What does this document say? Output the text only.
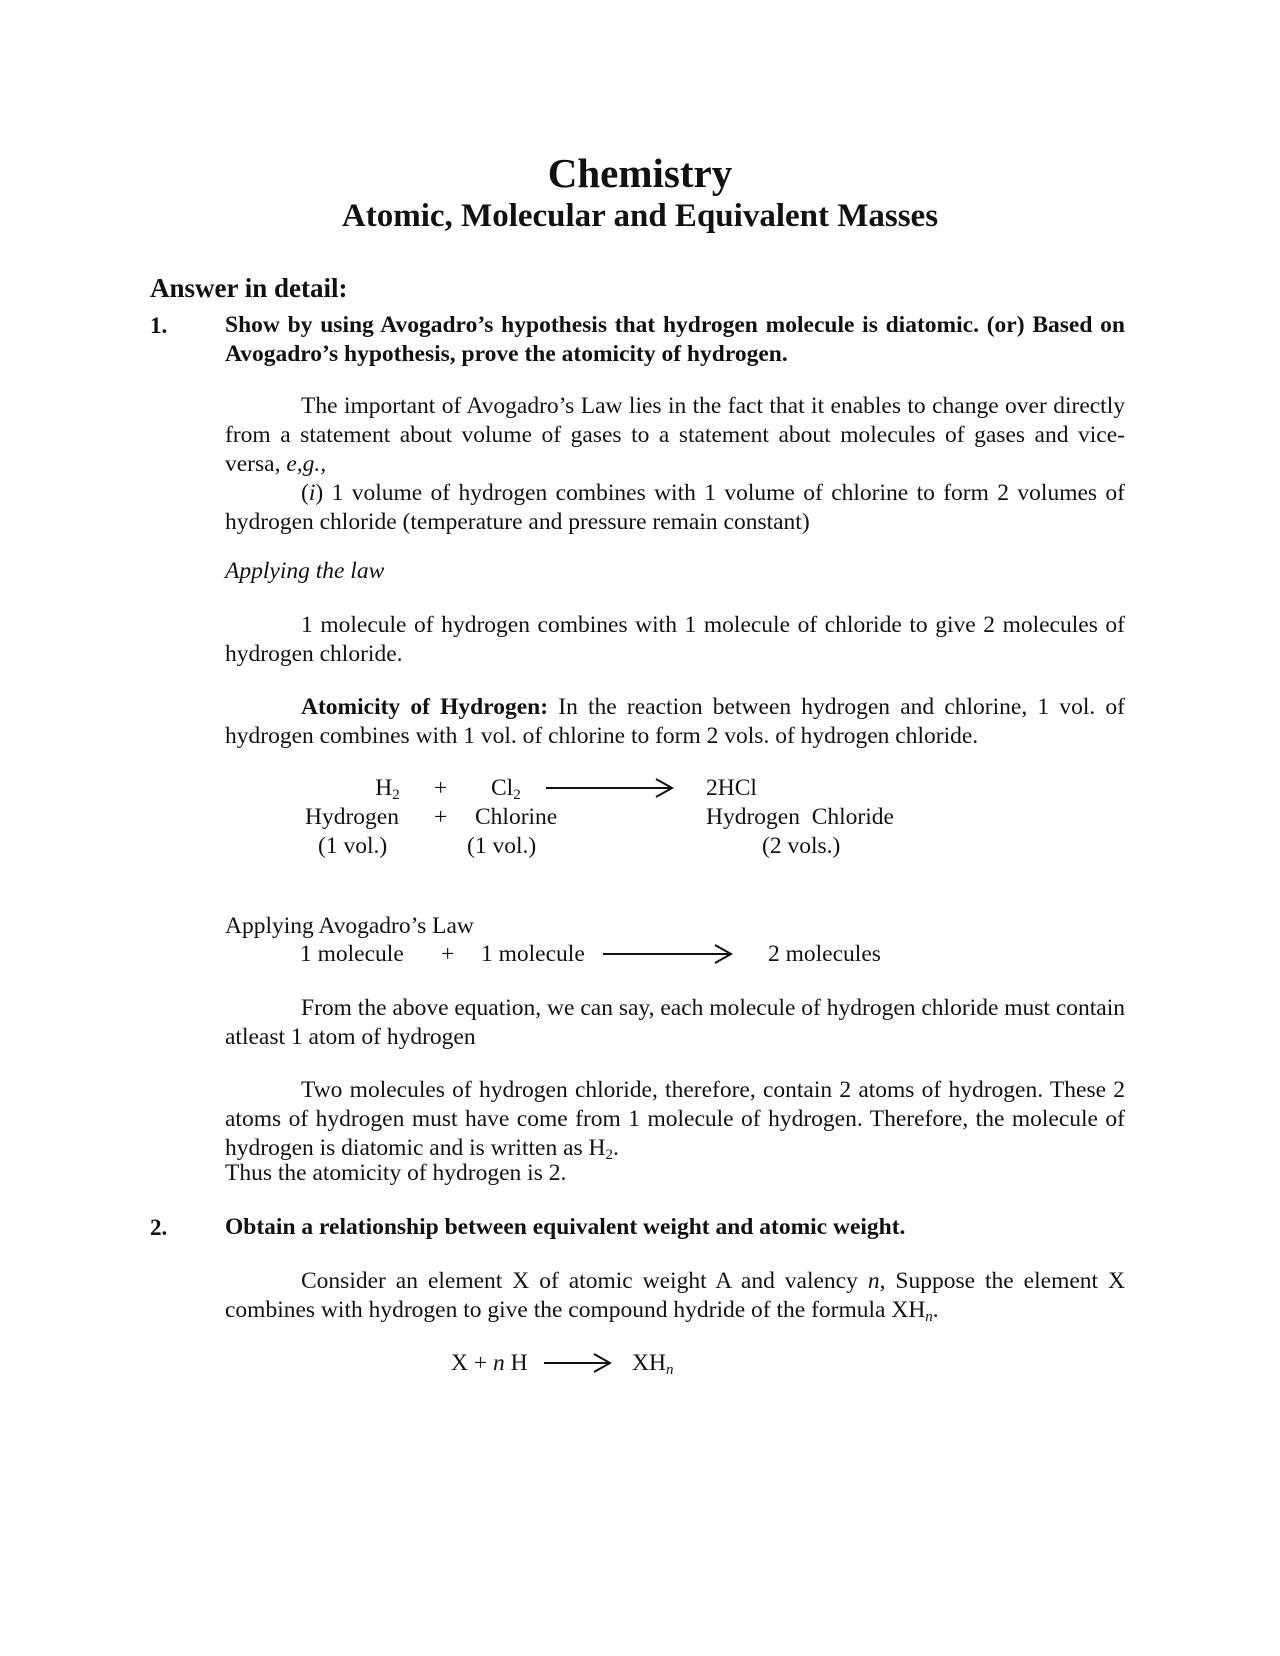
Chemistry
Atomic, Molecular and Equivalent Masses
Answer in detail:
1. Show by using Avogadro’s hypothesis that hydrogen molecule is diatomic. (or) Based on Avogadro’s hypothesis, prove the atomicity of hydrogen.
The important of Avogadro’s Law lies in the fact that it enables to change over directly from a statement about volume of gases to a statement about molecules of gases and vice-versa, e,g.,
(i) 1 volume of hydrogen combines with 1 volume of chlorine to form 2 volumes of hydrogen chloride (temperature and pressure remain constant)
Applying the law
1 molecule of hydrogen combines with 1 molecule of chloride to give 2 molecules of hydrogen chloride.
Atomicity of Hydrogen: In the reaction between hydrogen and chlorine, 1 vol. of hydrogen combines with 1 vol. of chlorine to form 2 vols. of hydrogen chloride.
$H_2$	+ $Cl_2$	2HCl
Hydrogen + Chlorine	Hydrogen  Chloride
(1 vol.)	(1 vol.)	(2 vols.)
Applying Avogadro’s Law
1 molecule + 1 molecule	2 molecules
From the above equation, we can say, each molecule of hydrogen chloride must contain atleast 1 atom of hydrogen
Two molecules of hydrogen chloride, therefore, contain 2 atoms of hydrogen. These 2 atoms of hydrogen must have come from 1 molecule of hydrogen. Therefore, the molecule of hydrogen is diatomic and is written as $H_2$.
Thus the atomicity of hydrogen is 2.
2. Obtain a relationship between equivalent weight and atomic weight.
Consider an element X of atomic weight A and valency n, Suppose the element X combines with hydrogen to give the compound hydride of the formula $XH_n$.
X + n H	$XH_n$
